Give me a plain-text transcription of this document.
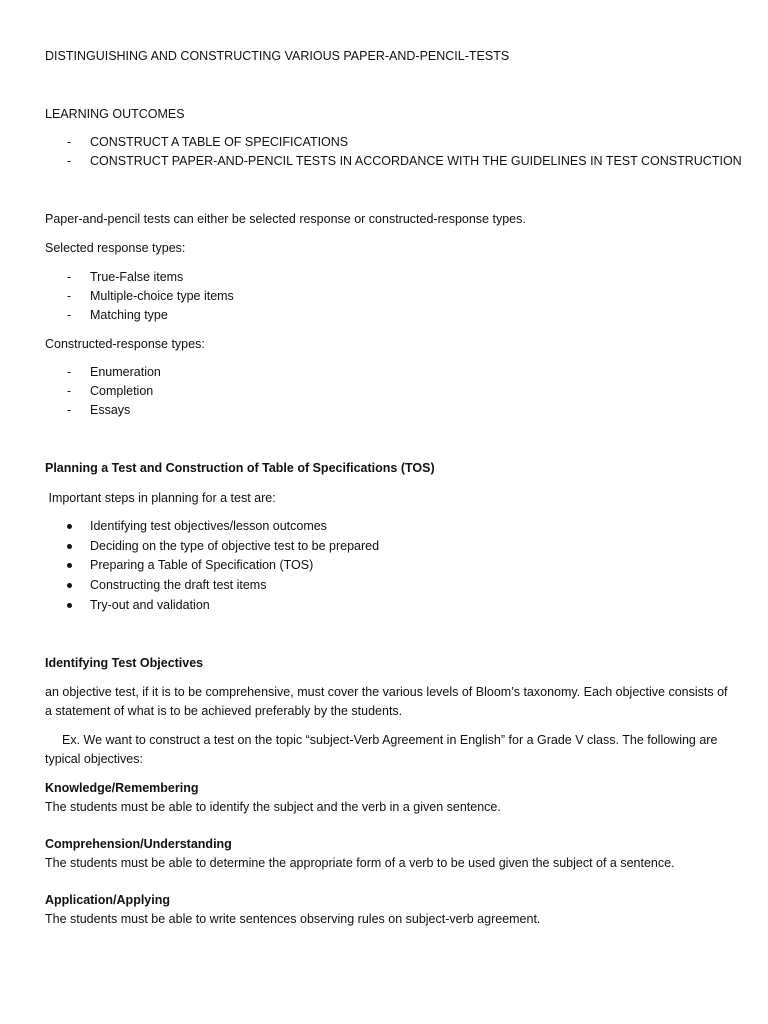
DISTINGUISHING AND CONSTRUCTING VARIOUS PAPER-AND-PENCIL-TESTS
LEARNING OUTCOMES
- CONSTRUCT A TABLE OF SPECIFICATIONS
- CONSTRUCT PAPER-AND-PENCIL TESTS IN ACCORDANCE WITH THE GUIDELINES IN TEST CONSTRUCTION
Paper-and-pencil tests can either be selected response or constructed-response types.
Selected response types:
- True-False items
- Multiple-choice type items
- Matching type
Constructed-response types:
- Enumeration
- Completion
- Essays
Planning a Test and Construction of Table of Specifications (TOS)
Important steps in planning for a test are:
Identifying test objectives/lesson outcomes
Deciding on the type of objective test to be prepared
Preparing a Table of Specification (TOS)
Constructing the draft test items
Try-out and validation
Identifying Test Objectives
an objective test, if it is to be comprehensive, must cover the various levels of Bloom’s taxonomy. Each objective consists of a statement of what is to be achieved preferably by the students.
Ex. We want to construct a test on the topic “subject-Verb Agreement in English” for a Grade V class. The following are typical objectives:
Knowledge/Remembering
The students must be able to identify the subject and the verb in a given sentence.
Comprehension/Understanding
The students must be able to determine the appropriate form of a verb to be used given the subject of a sentence.
Application/Applying
The students must be able to write sentences observing rules on subject-verb agreement.
